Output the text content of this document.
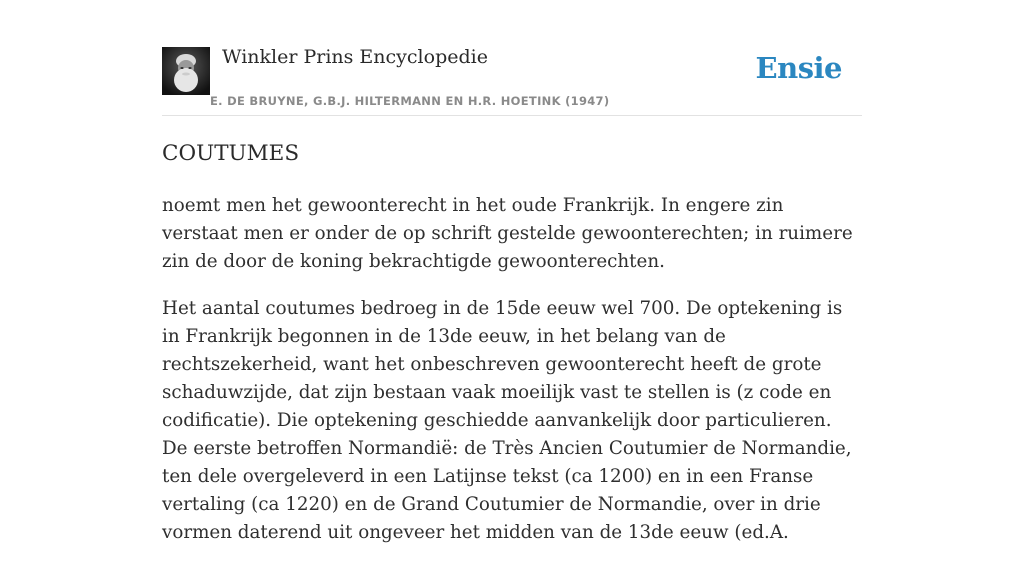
Winkler Prins Encyclopedie
E. DE BRUYNE, G.B.J. HILTERMANN EN H.R. HOETINK (1947)
Ensie
COUTUMES

noemt men het gewoonterecht in het oude Frankrijk. In engere zin verstaat men er onder de op schrift gestelde gewoonterechten; in ruimere zin de door de koning bekrachtigde gewoonterechten.

Het aantal coutumes bedroeg in de 15de eeuw wel 700. De optekening is in Frankrijk begonnen in de 13de eeuw, in het belang van de rechtszekerheid, want het onbeschreven gewoonterecht heeft de grote schaduwzijde, dat zijn bestaan vaak moeilijk vast te stellen is (z code en codificatie). Die optekening geschiedde aanvankelijk door particulieren. De eerste betroffen Normandië: de Très Ancien Coutumier de Normandie, ten dele overgeleverd in een Latijnse tekst (ca 1200) en in een Franse vertaling (ca 1220) en de Grand Coutumier de Normandie, over in drie vormen daterend uit ongeveer het midden van de 13de eeuw (ed.A.
